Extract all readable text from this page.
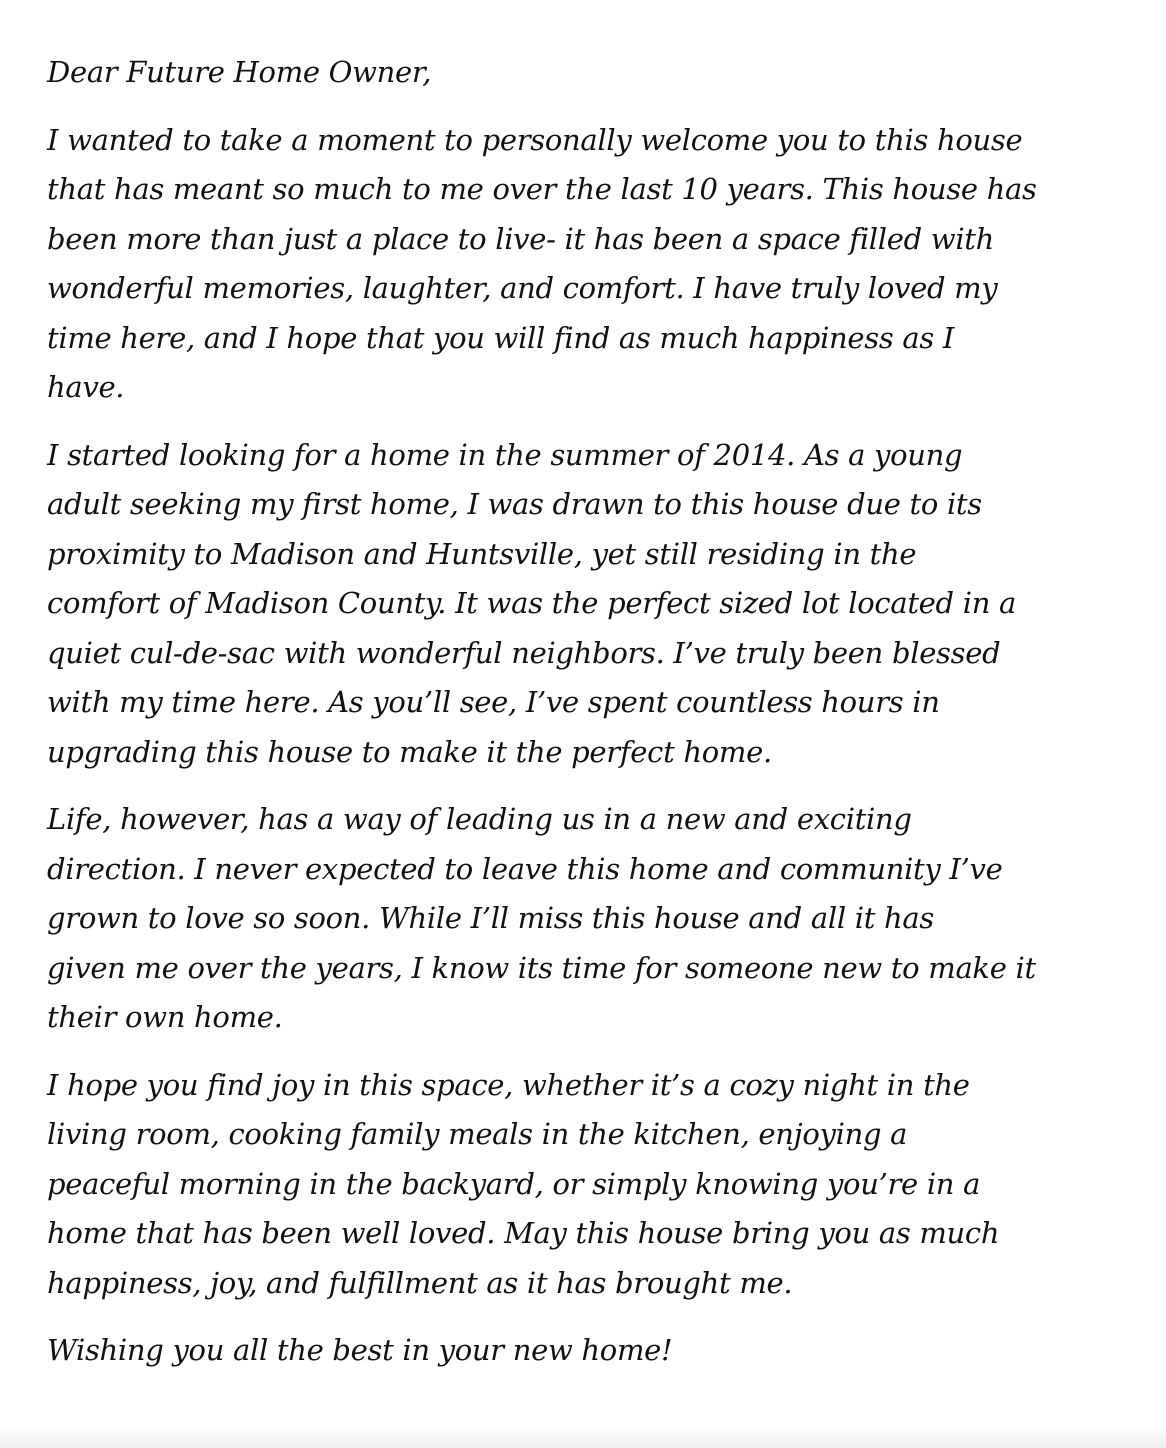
Dear Future Home Owner,
I wanted to take a moment to personally welcome you to this house
that has meant so much to me over the last 10 years. This house has
been more than just a place to live- it has been a space filled with
wonderful memories, laughter, and comfort. I have truly loved my
time here, and I hope that you will find as much happiness as I
have.
I started looking for a home in the summer of 2014. As a young
adult seeking my first home, I was drawn to this house due to its
proximity to Madison and Huntsville, yet still residing in the
comfort of Madison County. It was the perfect sized lot located in a
quiet cul-de-sac with wonderful neighbors. I’ve truly been blessed
with my time here. As you’ll see, I’ve spent countless hours in
upgrading this house to make it the perfect home.
Life, however, has a way of leading us in a new and exciting
direction. I never expected to leave this home and community I’ve
grown to love so soon. While I’ll miss this house and all it has
given me over the years, I know its time for someone new to make it
their own home.
I hope you find joy in this space, whether it’s a cozy night in the
living room, cooking family meals in the kitchen, enjoying a
peaceful morning in the backyard, or simply knowing you’re in a
home that has been well loved. May this house bring you as much
happiness, joy, and fulfillment as it has brought me.
Wishing you all the best in your new home!
